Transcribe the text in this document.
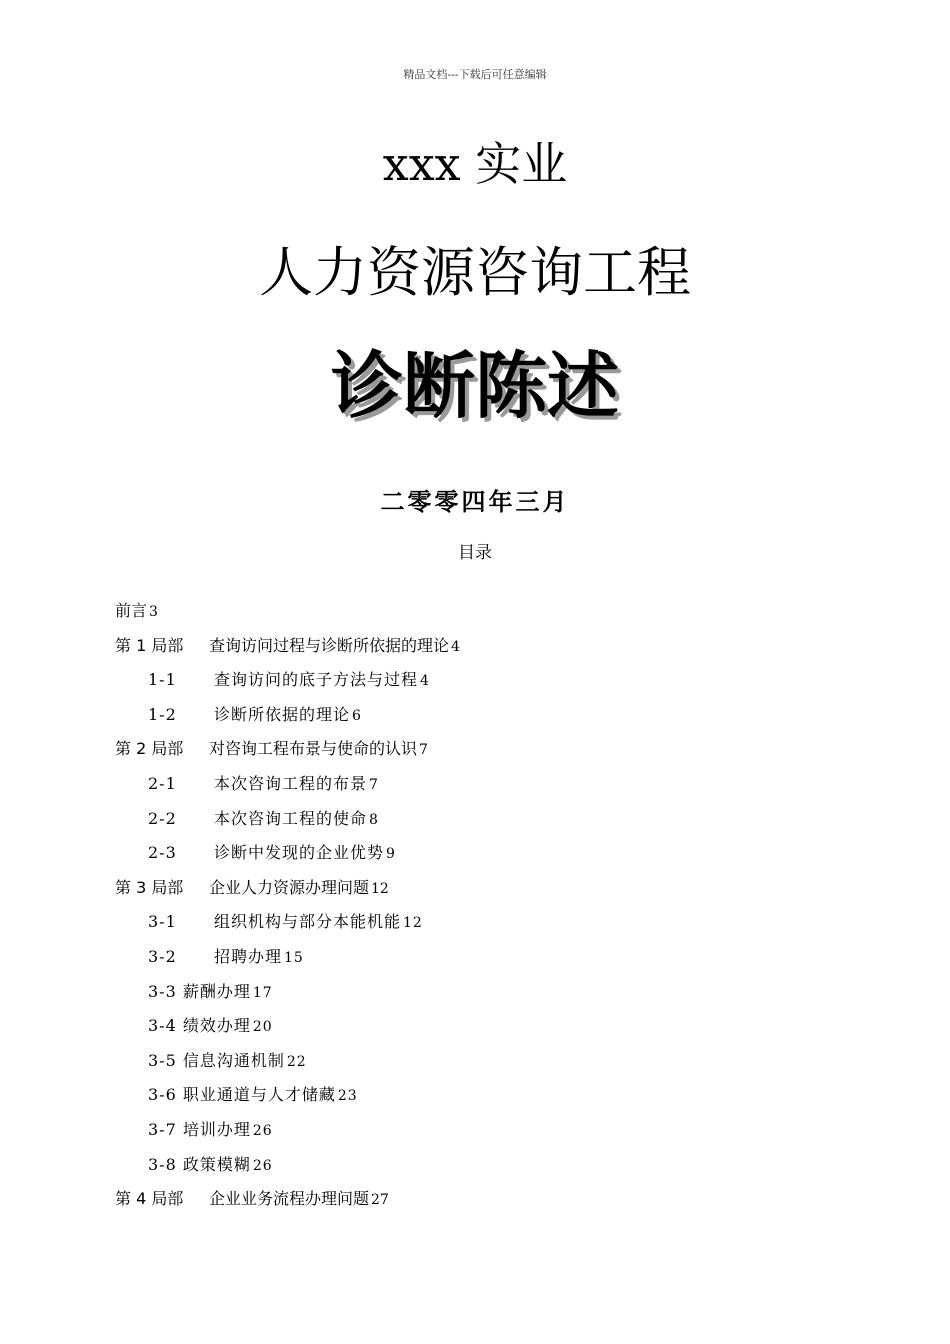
精品文档---下载后可任意编辑
xxx 实业
人力资源咨询工程
诊断陈述
二零零四年三月
目录
前言 3
第 1 局部 查询访问过程与诊断所依据的理论 4
1-1 查询访问的底子方法与过程 4
1-2 诊断所依据的理论 6
第 2 局部 对咨询工程布景与使命的认识 7
2-1 本次咨询工程的布景 7
2-2 本次咨询工程的使命 8
2-3 诊断中发现的企业优势 9
第 3 局部 企业人力资源办理问题 12
3-1 组织机构与部分本能机能 12
3-2 招聘办理 15
3-3 薪酬办理 17
3-4 绩效办理 20
3-5 信息沟通机制 22
3-6 职业通道与人才储藏 23
3-7 培训办理 26
3-8 政策模糊 26
第 4 局部 企业业务流程办理问题 27
